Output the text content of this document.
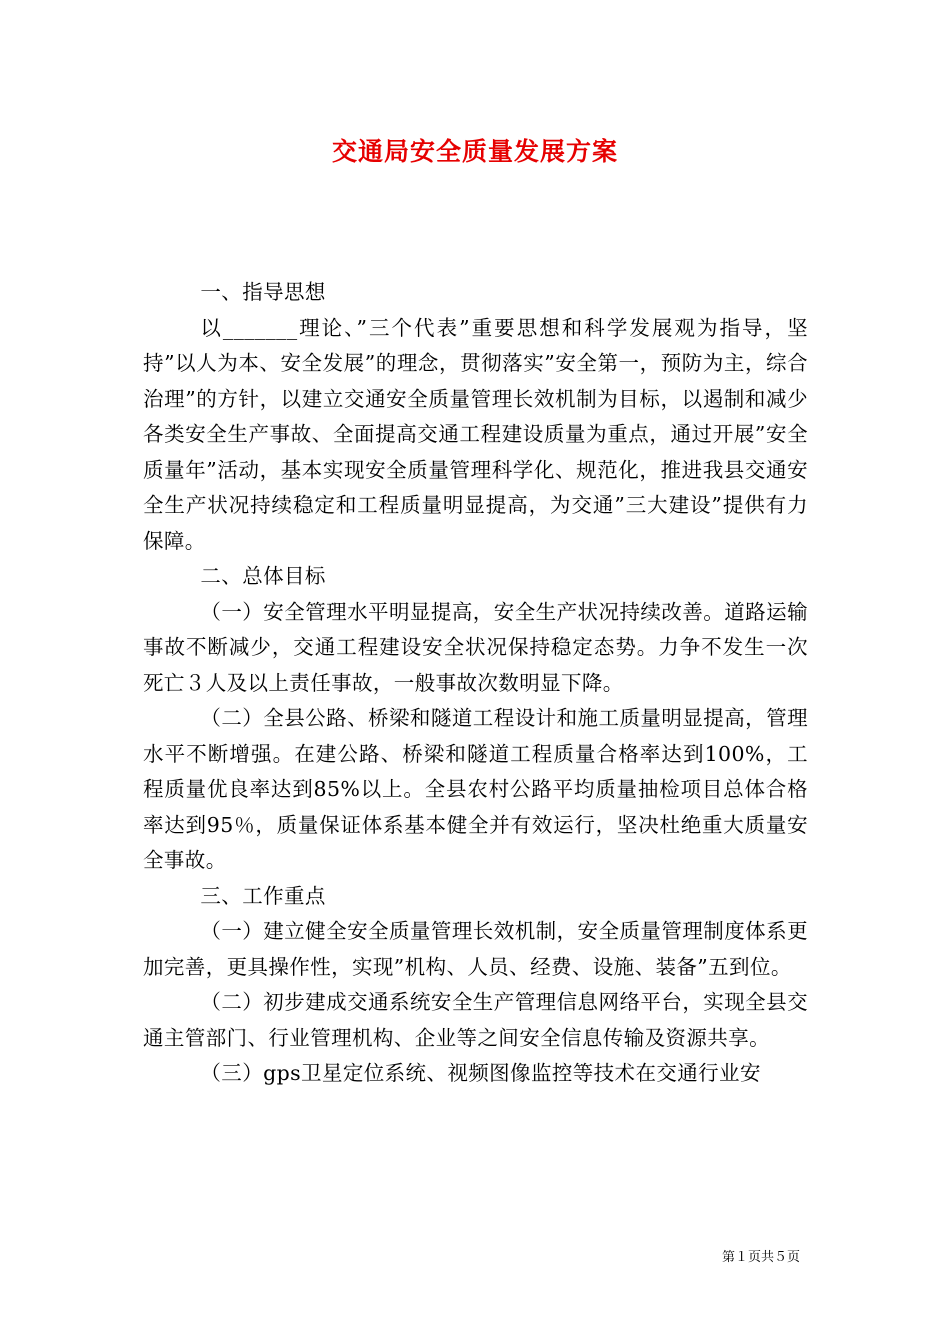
交通局安全质量发展方案

一、指导思想

以_______理论、”三个代表”重要思想和科学发展观为指导，坚持”以人为本、安全发展”的理念，贯彻落实”安全第一，预防为主，综合治理”的方针，以建立交通安全质量管理长效机制为目标，以遏制和减少各类安全生产事故、全面提高交通工程建设质量为重点，通过开展”安全质量年”活动，基本实现安全质量管理科学化、规范化，推进我县交通安全生产状况持续稳定和工程质量明显提高，为交通”三大建设”提供有力保障。

二、总体目标

（一）安全管理水平明显提高，安全生产状况持续改善。道路运输事故不断减少，交通工程建设安全状况保持稳定态势。力争不发生一次死亡３人及以上责任事故，一般事故次数明显下降。

（二）全县公路、桥梁和隧道工程设计和施工质量明显提高，管理水平不断增强。在建公路、桥梁和隧道工程质量合格率达到100%，工程质量优良率达到85%以上。全县农村公路平均质量抽检项目总体合格率达到95％，质量保证体系基本健全并有效运行，坚决杜绝重大质量安全事故。

三、工作重点

（一）建立健全安全质量管理长效机制，安全质量管理制度体系更加完善，更具操作性，实现”机构、人员、经费、设施、装备”五到位。

（二）初步建成交通系统安全生产管理信息网络平台，实现全县交通主管部门、行业管理机构、企业等之间安全信息传输及资源共享。

（三）gps卫星定位系统、视频图像监控等技术在交通行业安

第１页共５页
